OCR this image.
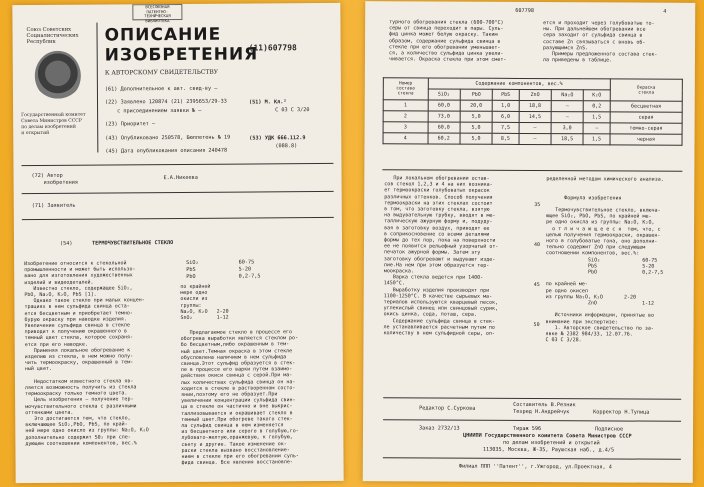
ВСЕСОЮЗНАЯ ПАТЕНТНО- ТЕХНИЧЕСКАЯ БИБЛИОТЕКА
Союз Советских
Социалистических
Республик
Государственный комитет
Совета Министров СССР
по делам изобретений
и открытий
ОПИСАНИЕ
ИЗОБРЕТЕНИЯ
К АВТОРСКОМУ СВИДЕТЕЛЬСТВУ
(11)607798
(61) Дополнительное к авт. свид-ву –
(22) Заявлено 120874 (21) 2395653/29-33
с присоединением заявки № –
(23) Приоритет –
(43) Опубликовано 250578, Бюллетень № 19
(45) Дата опубликования описания 240478
(51) М. Кл.²
С 03 С 3/20
(53) УДК 666.112.9
(088.8)
(72) Автор
изобретения
Е.А.Никеева
(71) Заявитель
(54)	ТЕРМОЧУВСТВИТЕЛЬНОЕ СТЕКЛО
Изобретение относится к стекольной
промышленности и может быть использо-
вано для изготовления художественных
изделий и видеодеталей.
Известно стекло, содержащее SiO₂,
PbO, Na₂O, K₂O, PbS [1].
Однако такое стекло при малых концен-
трациях в нем сульфида свинца оста-
ется бесцветным и приобретает темно-
бурую окраску при наводке изделия.
Увеличение сульфида свинца в стекле
приводит к получению окрашенного в
темный цвет стекла, которое сохраня-
ется при его наводке.
Применяя локальное обогревание к
изделию из стекла, в нем можно полу-
чить термоокраску, окрашенный в тем-
ный цвет.

Недостатком известного стекла яв-
ляется возможность получить из стекла
термоокраску только темного цвета.
Цель изобретения — получение тер-
мочувствительного стекла с различными
оттенками цвета.
Это достигается тем, что стекло,
включающее SiO₂,PbO, PbS, по край-
ней мере одно окисло из группы: Na₂O, K₂O
дополнительно содержит S0₂ при сле-
дующем соотношении компонентов, вес.%
SiO₂	60-75
PbS	5-20
PbO	0,2-7,5
по крайней
мере одно
окисли из
группы:
Na₂O, K₂O   2-20
SnO₂        1-12
Предлагаемое стекло в процессе его
обогрева выработки является стеклом ро-
бо бесцветным,либо окрашенным в тем-
ный цвет.Темная окраска в этом стекле
обусловлена наличием в нем сульфида
свинца.Этот сульфид образуется в стек-
ле в процессе его варки путем взаимо-
действия окиси свинца с серой.При ма-
лых количествах сульфида свинца он на-
ходится в стекле в растворенном состо-
янии,поэтому его не образует.При
увеличении концентрации сульфида свин-
ца в стекле он частично и вне выкрис-
таллизовывается и окрашивает стекло в
темный цвет.При обогреве такого стек-
ла сульфид свинца в нем изменяется
из бесцветного или серого в голубую,го-
лубовато-желтую,оранжевую, к голубую,
свету и другие. Такое изменение ок-
раски стекла вызвано восстановление-
нием в стекле при его обогревании суль-
фида свинца. Все явления восстановле-
607798	4
турного обогревания стекла (600-700°С)
серы от свинца переходит в пары. Суль-
фид цинка может белую окраску. Таким
образом, содержание сульфида свинца в
стекле при его обогревании уменьшает-
ся, а количество сульфида цинка увели-
чивается. Окраска стекла при этом смет-
ется и проходит через голубоватые то-
ны. При дальнейшем обогревании все
сера заходит от сульфида свинца в
составе Zn связываться с вновь об-
разующимся ZnS.
Примеры предложенного состава стек-
ла приведены в таблице.
Номер
состава
стекла	Содержание компонентов, вес.%						Окраска
стекла
	SiO₂	PbO	PbS	ZnO	Na₂O	K₂O	
1	60,0	20,0	1,0	18,8	–	0,2	бесцветная
2	73,0	5,0	6,0	14,5	–	1,5	серая
3	60,0	5,0	7,5	–	3,0	–	темно-серая
4	60,2	5,0	8,5	–	18,5	1,5	черная
При локальном обогревании остав-
сов стекол 1,2,3 и 4 на них возника-
ет термоокраски голубоватых окрасок
различных оттенков. Способ получения
термоокраски на этих стеклах состоит
в том, что заготовку стекла, взятую
на выдувательную трубку, вводят в ме-
таллическую ажурную форму и, подуду-
вая в заготовку воздух, приводят ее
в соприкосновение со всеми деталями
формы до тех пор, пока на поверхности
ее не появится рельефный узорчатый от-
печаток ажурной формы. Затем эту
заготовку обогревают и выдувают изде-
лие.На нем при этом образуется тер-
моокраска.
Варка стекла ведется при 1400-
1450°С.
Выработку изделия производят при
1100-1250°С. В качестве сырьевых ма-
териалов используются кварцевый песок,
углекислый свинец или свинцовый сурик,
окись цинка, сода, поташ, сера.
Содержание сульфида свинца в стек-
ле устанавливается расчетным путем по
количеству в нем сульфидной серы, оп-
35
40
45
50
ределенной методом химического анализа.

Формула изобретения

Термочувствительное стекло, включа-
ющее SiO₂, PbO, PbS, по крайней ме-
ре одно окисла из группы: Na₂O, K₂O,
о т л и ч а ю щ е е с я  тем, что, с
целью получения термоокраски, окрашен-
ного в голубоватые тона, оно дополни-
тельно содержит ZnO при следующем
соотношении компонентов, вес.%:
SiO₂              60-75
PbS               5-20
PbO               0,2-7,5

по крайней ме-
ре одно окисел
из группы Na₂O, K₂O       2-20
ZnO               1-12

Источники информации, принятые во
внимание при экспертизе:
1. Авторское свидетельство по за-
явке № 2382 984/33, 12.07.76.
С 03 С 3/28.
Редактор С.Суркова
Составитель В.Резник
Техред Н.Андрейчук	Корректор Н.Тупица
Заказ 2732/13	Тираж 596	Подписное
ЦНИИПИ Государственного комитета Совета Министров СССР
по делам изобретений и открытий
113035, Москва, Ж-35, Раушская наб., д.4/5
Филиал ППП ''Патент'', г.Ужгород, ул.Проектная, 4
